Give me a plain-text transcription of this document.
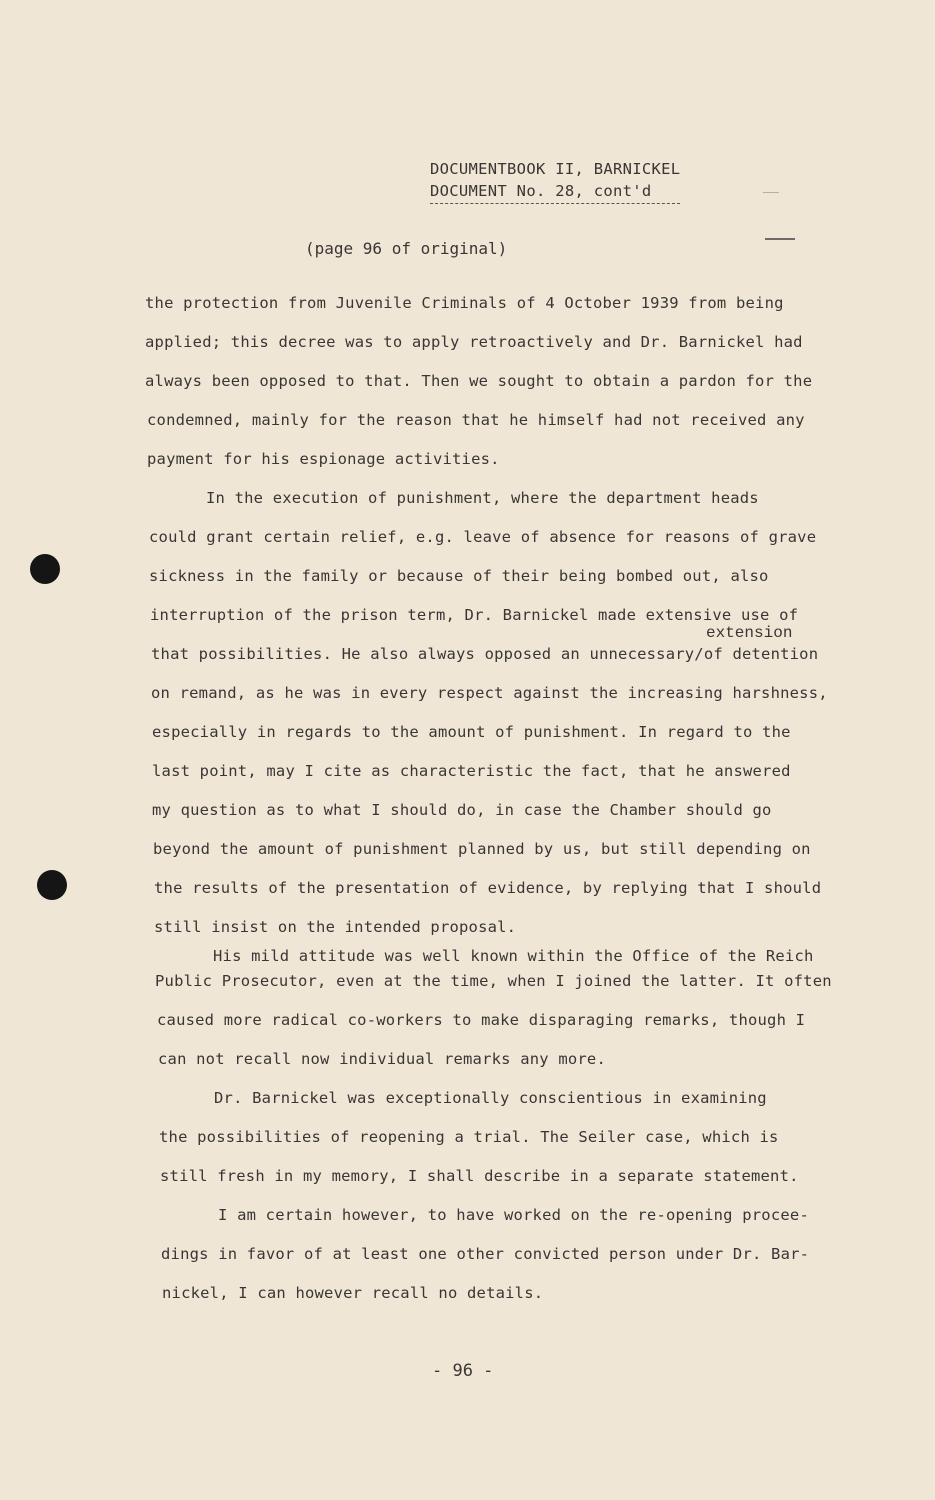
DOCUMENTBOOK II, BARNICKEL
DOCUMENT No. 28, cont'd
(page 96 of original)
the protection from Juvenile Criminals of 4 October 1939 from being
applied; this decree was to apply retroactively and Dr. Barnickel had
always been opposed to that. Then we sought to obtain a pardon for the
condemned, mainly for the reason that he himself had not received any
payment for his espionage activities.
In the execution of punishment, where the department heads
could grant certain relief, e.g. leave of absence for reasons of grave
sickness in the family or because of their being bombed out, also
interruption of the prison term, Dr. Barnickel made extensive use of
extension
that possibilities. He also always opposed an unnecessary/of detention
on remand, as he was in every respect against the increasing harshness,
especially in regards to the amount of punishment. In regard to the
last point, may I cite as characteristic the fact, that he answered
my question as to what I should do, in case the Chamber should go
beyond the amount of punishment planned by us, but still depending on
the results of the presentation of evidence, by replying that I should
still insist on the intended proposal.
His mild attitude was well known within the Office of the Reich
Public Prosecutor, even at the time, when I joined the latter. It often
caused more radical co-workers to make disparaging remarks, though I
can not recall now individual remarks any more.
Dr. Barnickel was exceptionally conscientious in examining
the possibilities of reopening a trial. The Seiler case, which is
still fresh in my memory, I shall describe in a separate statement.
I am certain however, to have worked on the re-opening procee-
dings in favor of at least one other convicted person under Dr. Bar-
nickel, I can however recall no details.
- 96 -
